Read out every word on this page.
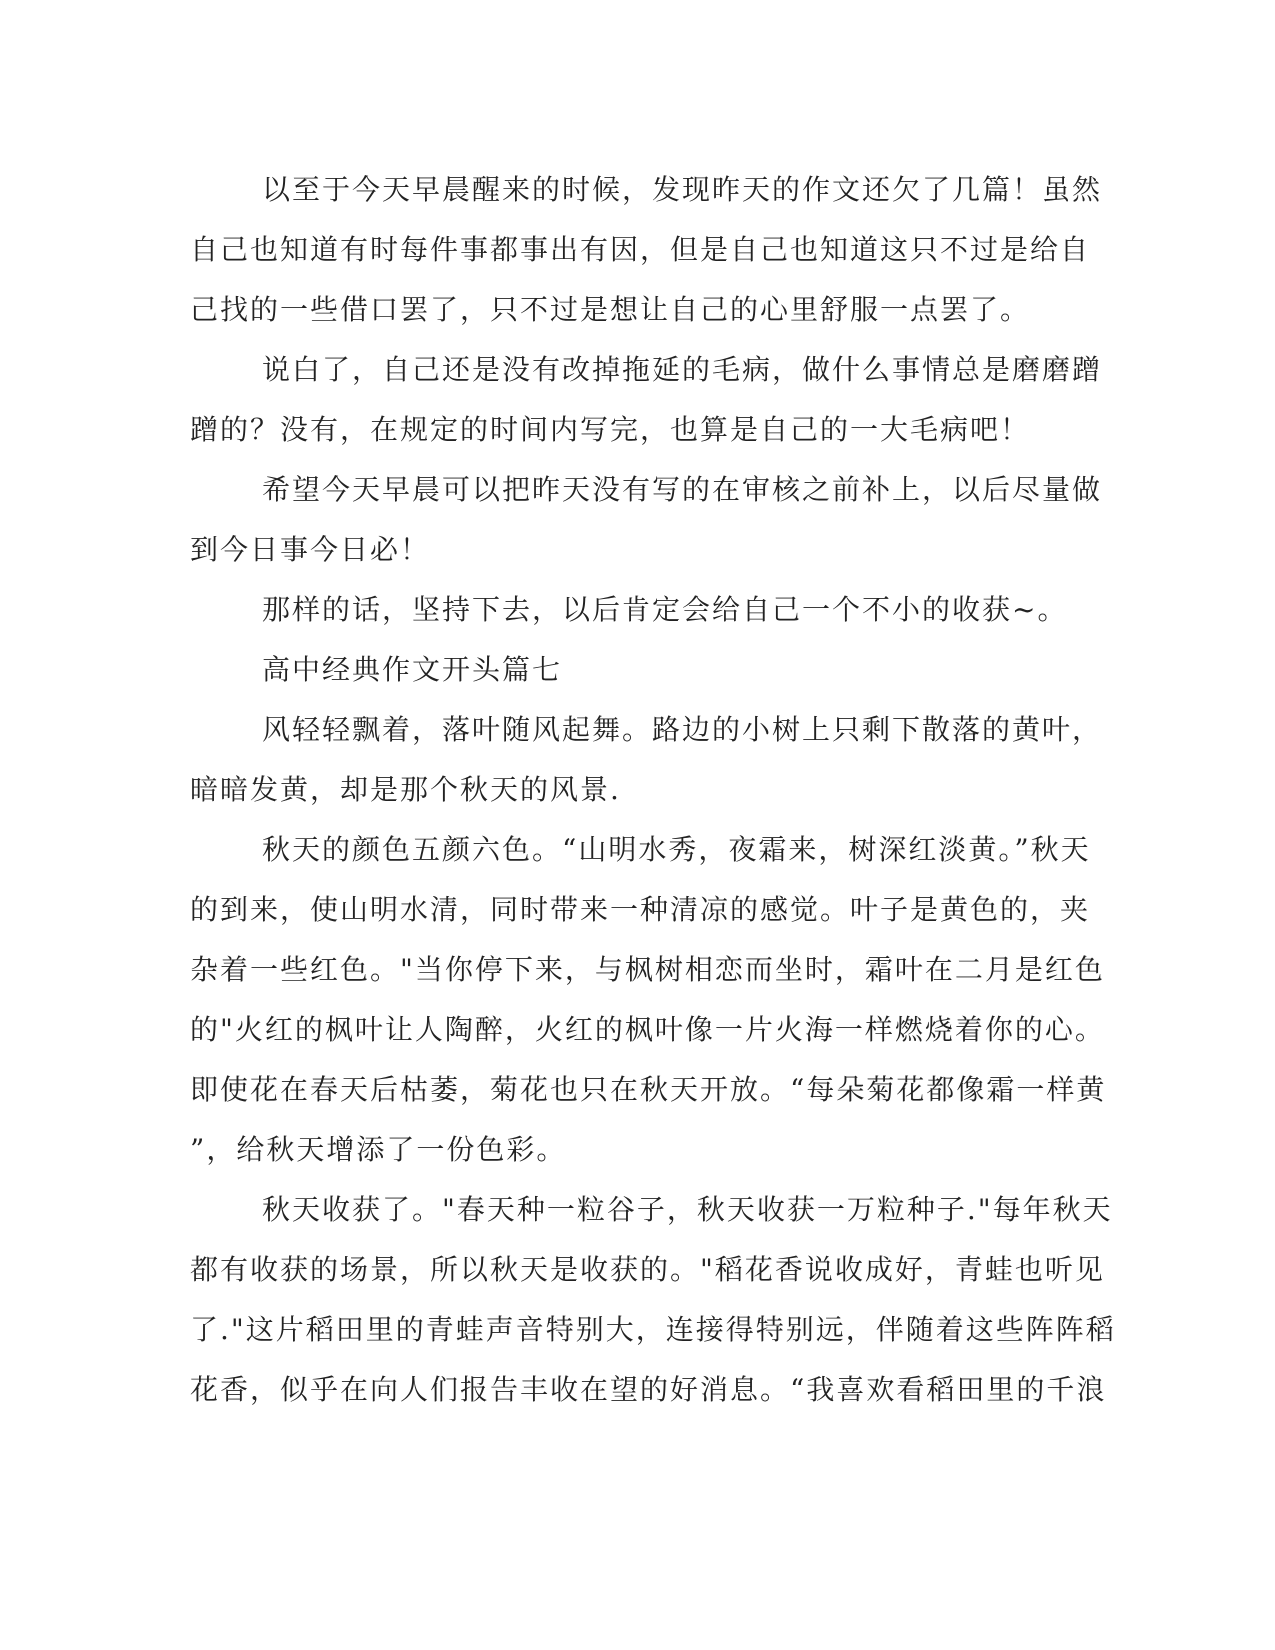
以至于今天早晨醒来的时候，发现昨天的作文还欠了几篇！虽然
自己也知道有时每件事都事出有因，但是自己也知道这只不过是给自
己找的一些借口罢了，只不过是想让自己的心里舒服一点罢了。
说白了，自己还是没有改掉拖延的毛病，做什么事情总是磨磨蹭
蹭的？没有，在规定的时间内写完，也算是自己的一大毛病吧！
希望今天早晨可以把昨天没有写的在审核之前补上，以后尽量做
到今日事今日必！
那样的话，坚持下去，以后肯定会给自己一个不小的收获~。
高中经典作文开头篇七
风轻轻飘着，落叶随风起舞。路边的小树上只剩下散落的黄叶，
暗暗发黄，却是那个秋天的风景.
秋天的颜色五颜六色。“山明水秀，夜霜来，树深红淡黄。”秋天
的到来，使山明水清，同时带来一种清凉的感觉。叶子是黄色的，夹
杂着一些红色。"当你停下来，与枫树相恋而坐时，霜叶在二月是红色
的"火红的枫叶让人陶醉，火红的枫叶像一片火海一样燃烧着你的心。
即使花在春天后枯萎，菊花也只在秋天开放。“每朵菊花都像霜一样黄
”，给秋天增添了一份色彩。
秋天收获了。"春天种一粒谷子，秋天收获一万粒种子."每年秋天
都有收获的场景，所以秋天是收获的。"稻花香说收成好，青蛙也听见
了."这片稻田里的青蛙声音特别大，连接得特别远，伴随着这些阵阵稻
花香，似乎在向人们报告丰收在望的好消息。“我喜欢看稻田里的千浪
